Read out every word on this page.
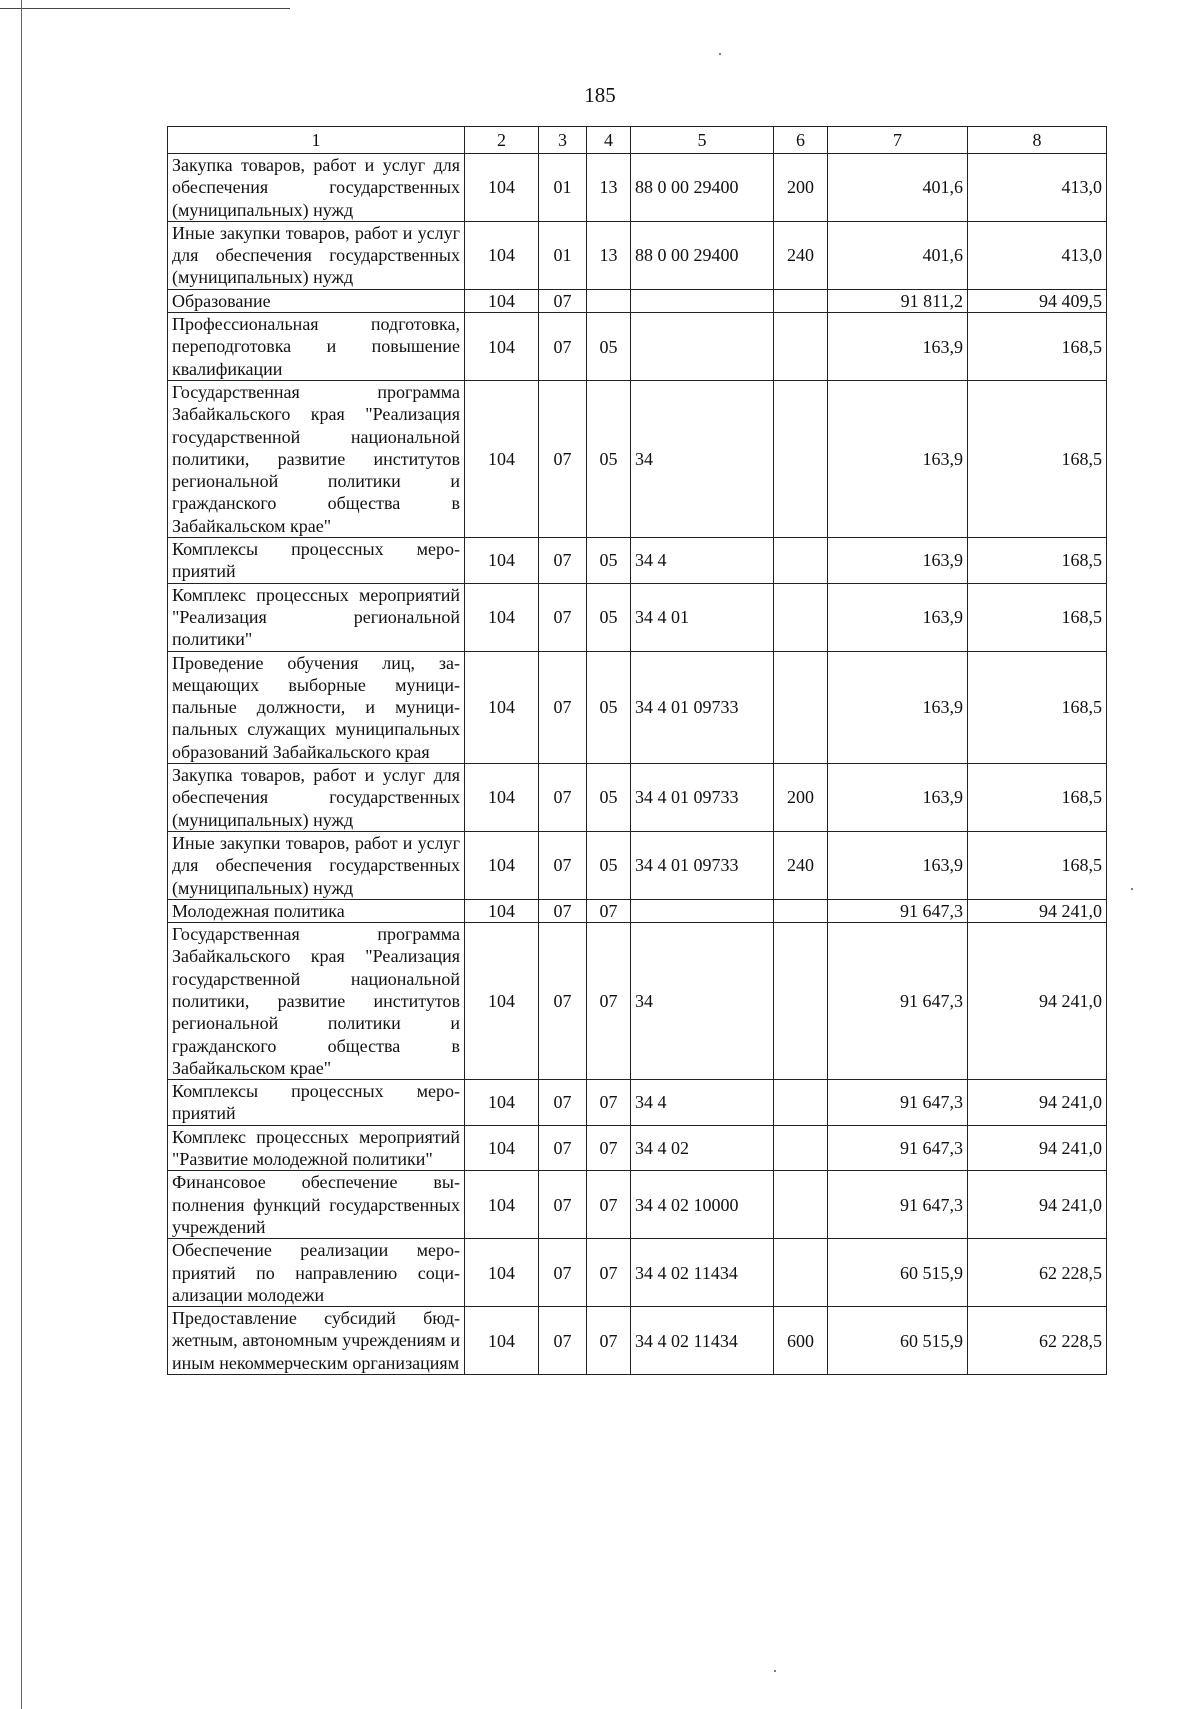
185
1	2	3	4	5	6	7	8
Закупка товаров, работ и услуг для обеспечения государственных (муниципальных) нужд	104	01	13	88 0 00 29400	200	401,6	413,0
Иные закупки товаров, работ и услуг для обеспечения государственных (муниципальных) нужд	104	01	13	88 0 00 29400	240	401,6	413,0
Образование	104	07				91 811,2	94 409,5
Профессиональная подготовка, переподготовка и повышение квалификации	104	07	05			163,9	168,5
Государственная программа Забайкальского края "Реализация государственной национальной политики, развитие институтов региональной политики и гражданского общества в Забайкальском крае"	104	07	05	34		163,9	168,5
Комплексы процессных мероприятий	104	07	05	34 4		163,9	168,5
Комплекс процессных мероприятий "Реализация региональной политики"	104	07	05	34 4 01		163,9	168,5
Проведение обучения лиц, замещающих выборные муниципальные должности, и муниципальных служащих муниципальных образований Забайкальского края	104	07	05	34 4 01 09733		163,9	168,5
Закупка товаров, работ и услуг для обеспечения государственных (муниципальных) нужд	104	07	05	34 4 01 09733	200	163,9	168,5
Иные закупки товаров, работ и услуг для обеспечения государственных (муниципальных) нужд	104	07	05	34 4 01 09733	240	163,9	168,5
Молодежная политика	104	07	07			91 647,3	94 241,0
Государственная программа Забайкальского края "Реализация государственной национальной политики, развитие институтов региональной политики и гражданского общества в Забайкальском крае"	104	07	07	34		91 647,3	94 241,0
Комплексы процессных мероприятий	104	07	07	34 4		91 647,3	94 241,0
Комплекс процессных мероприятий "Развитие молодежной политики"	104	07	07	34 4 02		91 647,3	94 241,0
Финансовое обеспечение выполнения функций государственных учреждений	104	07	07	34 4 02 10000		91 647,3	94 241,0
Обеспечение реализации мероприятий по направлению социализации молодежи	104	07	07	34 4 02 11434		60 515,9	62 228,5
Предоставление субсидий бюджетным, автономным учреждениям и иным некоммерческим организациям	104	07	07	34 4 02 11434	600	60 515,9	62 228,5
